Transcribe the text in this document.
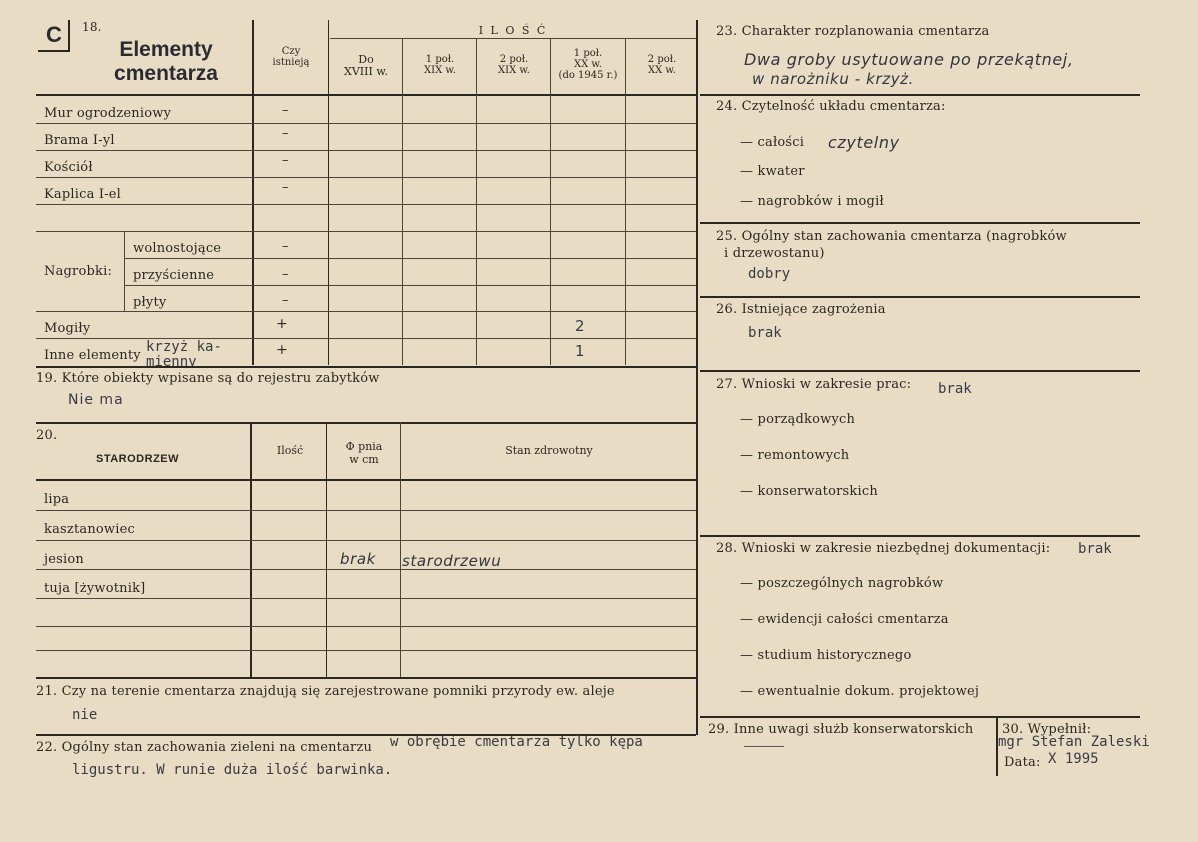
C 18.
Elementy
cmentarza
Czy istnieją
I L O Ś Ć
Do
XVIII w.
1 poł.
XIX w.
2 poł.
XIX w.
1 poł.
XX w.
(do 1945 r.)
2 poł.
XX w.
Mur ogrodzeniowy
Brama I-yl
Kościół
Kaplica I-el
Nagrobki:
wolnostojące
przyścienne
płyty
Mogiły
Inne elementy
krzyż ka-
mienny
–
–
–
–
–
–
–
+
+
2
1
19. Które obiekty wpisane są do rejestru zabytków
Nie ma
20.
STARODRZEW
Ilość	Φ pnia
w cm
Stan zdrowotny
lipa
kasztanowiec
jesion
tuja [żywotnik]
brak starodrzewu
21. Czy na terenie cmentarza znajdują się zarejestrowane pomniki przyrody ew. aleje
nie
22. Ogólny stan zachowania zieleni na cmentarzu w obrębie cmentarza tylko kępa
ligustru. W runie duża ilość barwinka.
23. Charakter rozplanowania cmentarza
Dwa groby usytuowane po przekątnej,
w narożniku - krzyż.
24. Czytelność układu cmentarza:
— całości czytelny
— kwater
— nagrobków i mogił
25. Ogólny stan zachowania cmentarza (nagrobków
i drzewostanu)
dobry
26. Istniejące zagrożenia
brak
27. Wnioski w zakresie prac: brak
— porządkowych
— remontowych
— konserwatorskich
28. Wnioski w zakresie niezbędnej dokumentacji: brak
— poszczególnych nagrobków
— ewidencji całości cmentarza
— studium historycznego
— ewentualnie dokum. projektowej
29. Inne uwagi służb konserwatorskich 30. Wypełnił:
mgr Stefan Zaleski
Data: X 1995
